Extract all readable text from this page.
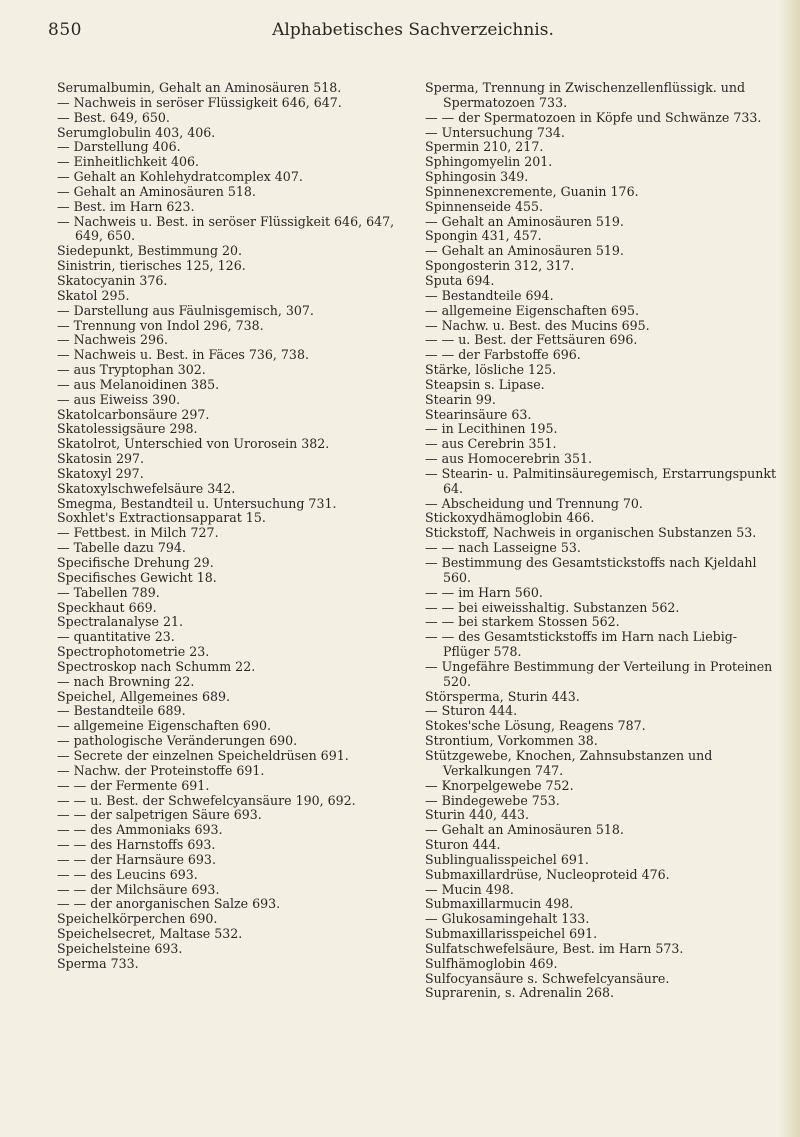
850	Alphabetisches Sachverzeichnis.
Serumalbumin, Gehalt an Aminosäuren 518.
— Nachweis in seröser Flüssigkeit 646, 647.
— Best. 649, 650.
Serumglobulin 403, 406.
— Darstellung 406.
— Einheitlichkeit 406.
— Gehalt an Kohlehydratcomplex 407.
— Gehalt an Aminosäuren 518.
— Best. im Harn 623.
— Nachweis u. Best. in seröser Flüssigkeit 646, 647, 649, 650.
Siedepunkt, Bestimmung 20.
Sinistrin, tierisches 125, 126.
Skatocyanin 376.
Skatol 295.
— Darstellung aus Fäulnisgemisch, 307.
— Trennung von Indol 296, 738.
— Nachweis 296.
— Nachweis u. Best. in Fäces 736, 738.
— aus Tryptophan 302.
— aus Melanoidinen 385.
— aus Eiweiss 390.
Skatolcarbonsäure 297.
Skatolessigsäure 298.
Skatolrot, Unterschied von Urorosein 382.
Skatosin 297.
Skatoxyl 297.
Skatoxylschwefelsäure 342.
Smegma, Bestandteil u. Untersuchung 731.
Soxhlet's Extractionsapparat 15.
— Fettbest. in Milch 727.
— Tabelle dazu 794.
Specifische Drehung 29.
Specifisches Gewicht 18.
— Tabellen 789.
Speckhaut 669.
Spectralanalyse 21.
— quantitative 23.
Spectrophotometrie 23.
Spectroskop nach Schumm 22.
— nach Browning 22.
Speichel, Allgemeines 689.
— Bestandteile 689.
— allgemeine Eigenschaften 690.
— pathologische Veränderungen 690.
— Secrete der einzelnen Speicheldrüsen 691.
— Nachw. der Proteinstoffe 691.
— — der Fermente 691.
— — u. Best. der Schwefelcyansäure 190, 692.
— — der salpetrigen Säure 693.
— — des Ammoniaks 693.
— — des Harnstoffs 693.
— — der Harnsäure 693.
— — des Leucins 693.
— — der Milchsäure 693.
— — der anorganischen Salze 693.
Speichelkörperchen 690.
Speichelsecret, Maltase 532.
Speichelsteine 693.
Sperma 733.
Sperma, Trennung in Zwischenzellenflüssigk. und Spermatozoen 733.
— — der Spermatozoen in Köpfe und Schwänze 733.
— Untersuchung 734.
Spermin 210, 217.
Sphingomyelin 201.
Sphingosin 349.
Spinnenexcremente, Guanin 176.
Spinnenseide 455.
— Gehalt an Aminosäuren 519.
Spongin 431, 457.
— Gehalt an Aminosäuren 519.
Spongosterin 312, 317.
Sputa 694.
— Bestandteile 694.
— allgemeine Eigenschaften 695.
— Nachw. u. Best. des Mucins 695.
— — u. Best. der Fettsäuren 696.
— — der Farbstoffe 696.
Stärke, lösliche 125.
Steapsin s. Lipase.
Stearin 99.
Stearinsäure 63.
— in Lecithinen 195.
— aus Cerebrin 351.
— aus Homocerebrin 351.
— Stearin- u. Palmitinsäuregemisch, Erstarrungspunkt 64.
— Abscheidung und Trennung 70.
Stickoxydhämoglobin 466.
Stickstoff, Nachweis in organischen Substanzen 53.
— — nach Lasseigne 53.
— Bestimmung des Gesamtstickstoffs nach Kjeldahl 560.
— — im Harn 560.
— — bei eiweisshaltig. Substanzen 562.
— — bei starkem Stossen 562.
— — des Gesamtstickstoffs im Harn nach Liebig-Pflüger 578.
— Ungefähre Bestimmung der Verteilung in Proteinen 520.
Störsperma, Sturin 443.
— Sturon 444.
Stokes'sche Lösung, Reagens 787.
Strontium, Vorkommen 38.
Stützgewebe, Knochen, Zahnsubstanzen und Verkalkungen 747.
— Knorpelgewebe 752.
— Bindegewebe 753.
Sturin 440, 443.
— Gehalt an Aminosäuren 518.
Sturon 444.
Sublingualisspeichel 691.
Submaxillardrüse, Nucleoproteid 476.
— Mucin 498.
Submaxillarmucin 498.
— Glukosamingehalt 133.
Submaxillarisspeichel 691.
Sulfatschwefelsäure, Best. im Harn 573.
Sulfhämoglobin 469.
Sulfocyansäure s. Schwefelcyansäure.
Suprarenin, s. Adrenalin 268.
